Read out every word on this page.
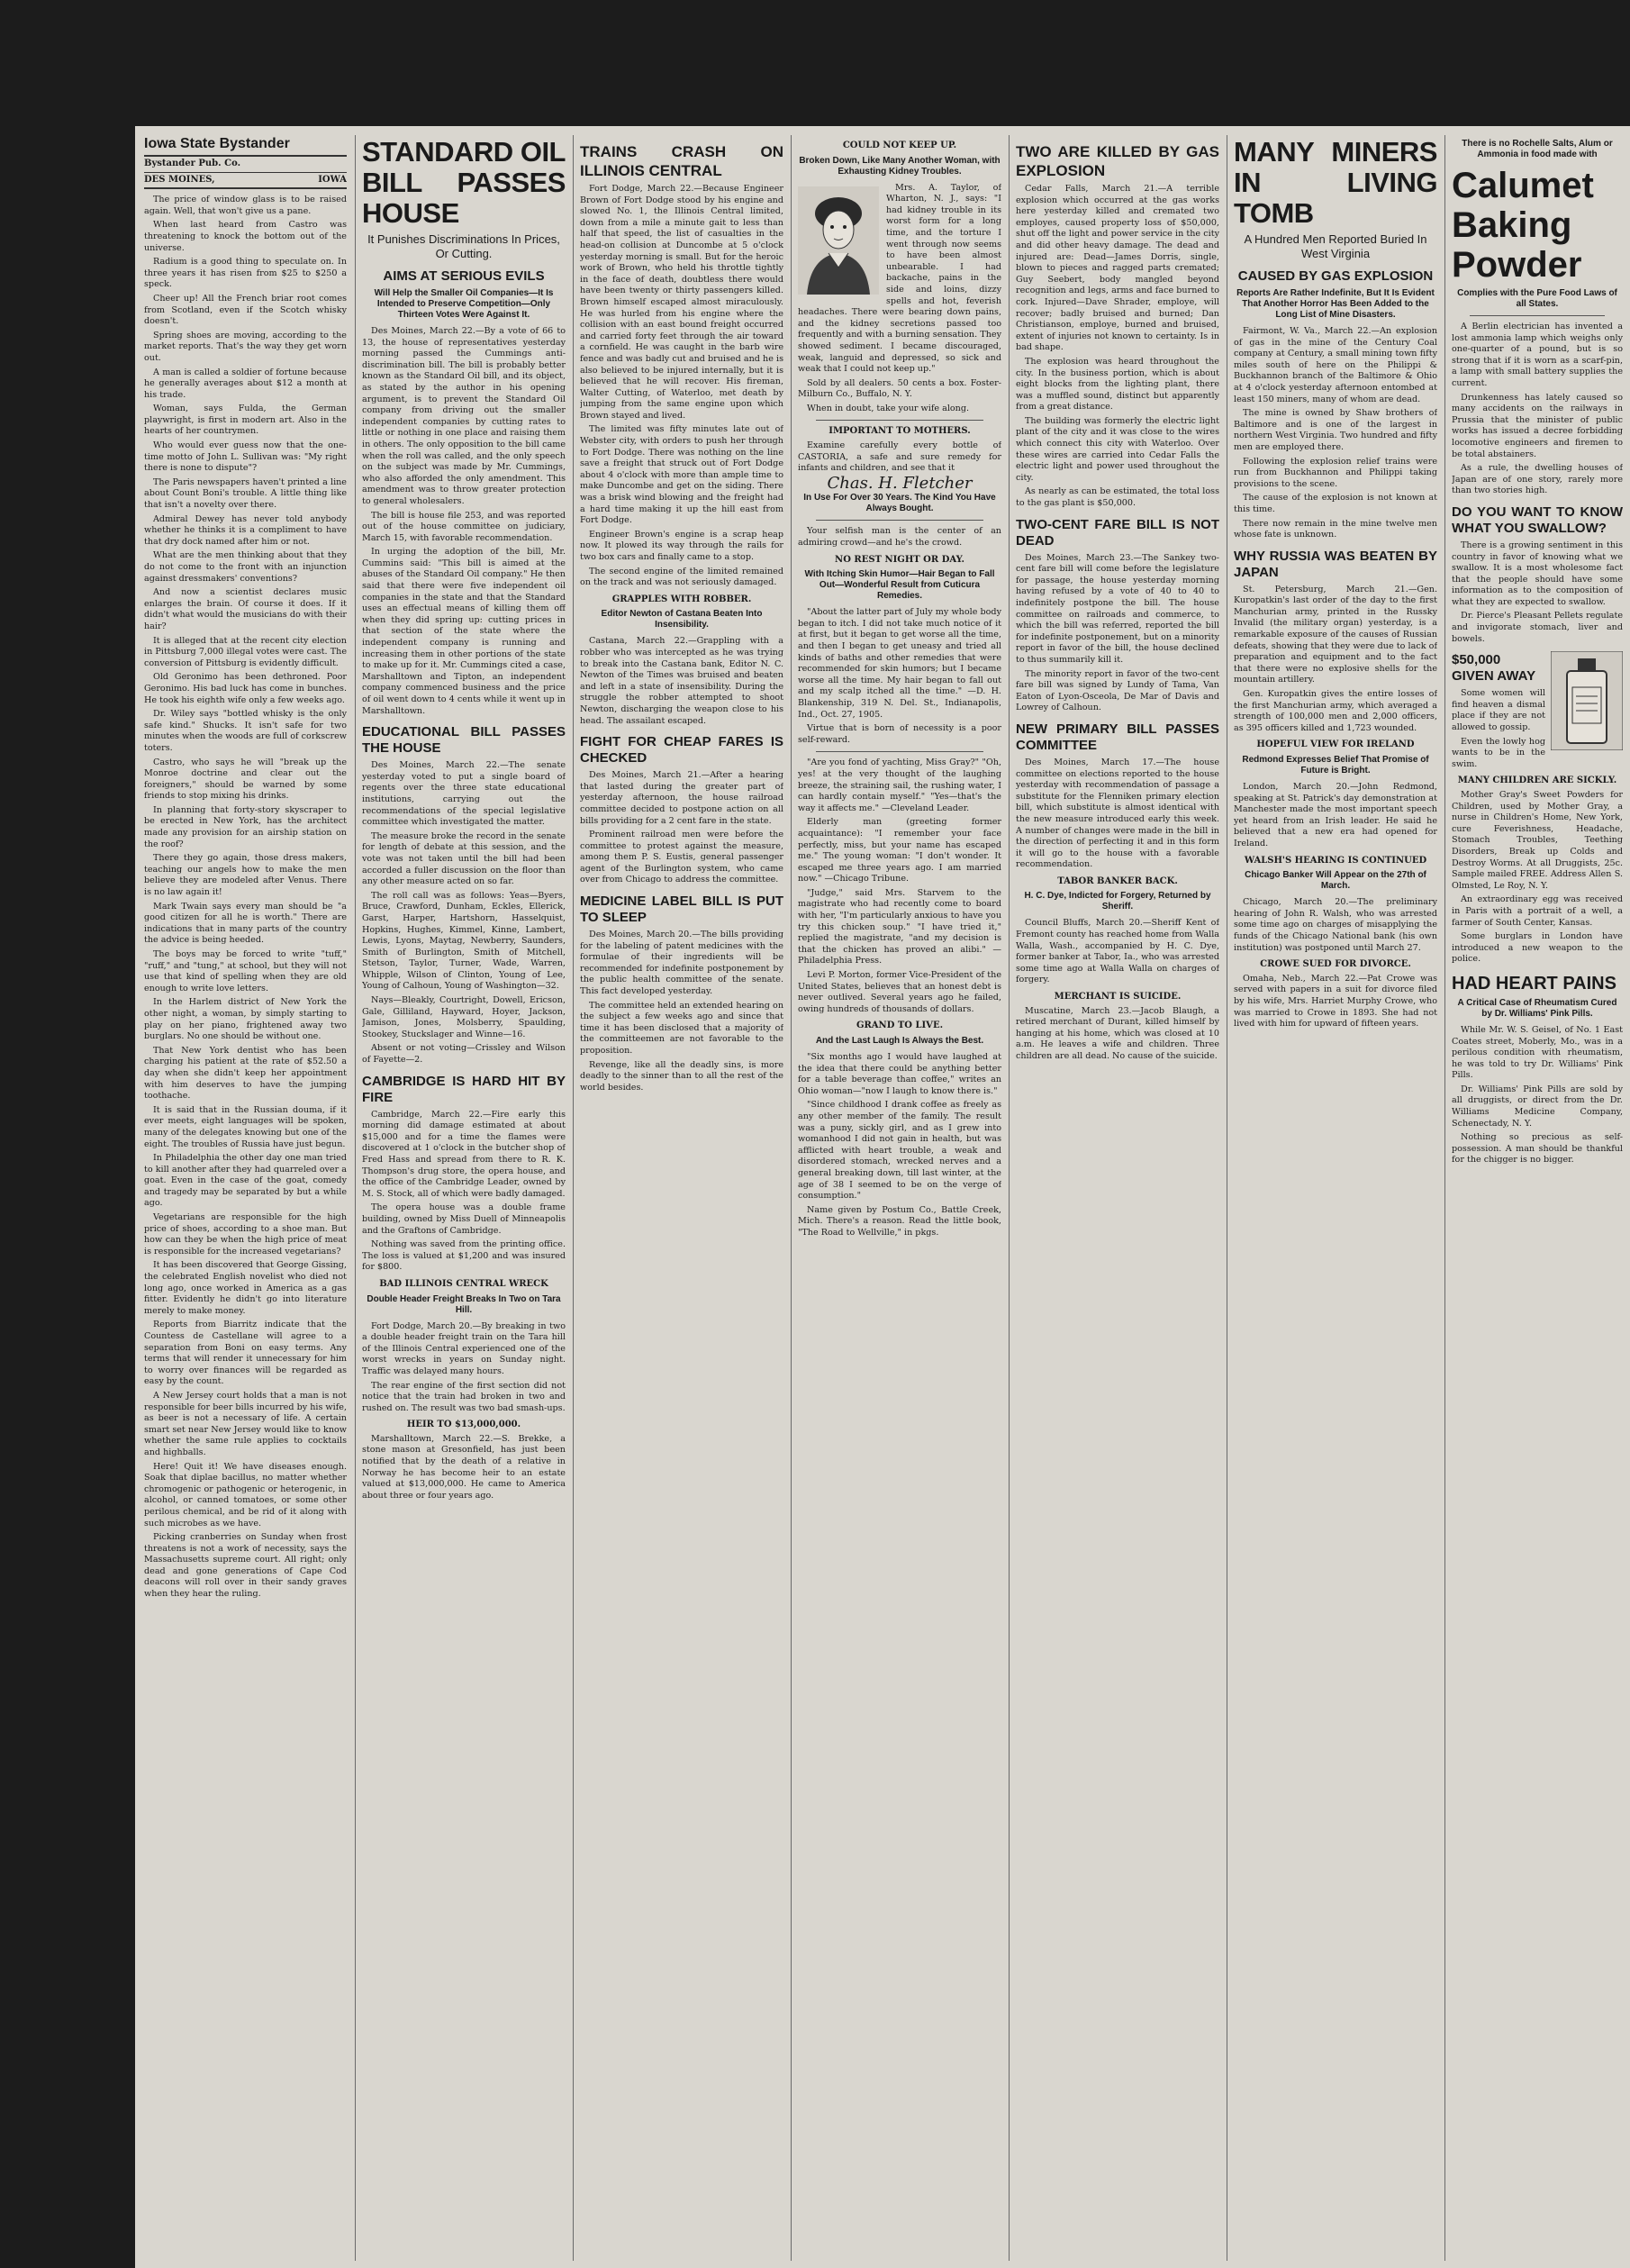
Iowa State Bystander
Bystander Pub. Co.
DES MOINES,	IOWA

The price of window glass is to be raised again. Well, that won't give us a pane.

When last heard from Castro was threatening to knock the bottom out of the universe.

Radium is a good thing to speculate on. In three years it has risen from $25 to $250 a speck.

Cheer up! All the French briar root comes from Scotland, even if the Scotch whisky doesn't.

Spring shoes are moving, according to the market reports. That's the way they get worn out.

A man is called a soldier of fortune because he generally averages about $12 a month at his trade.

Woman, says Fulda, the German playwright, is first in modern art. Also in the hearts of her countrymen.

Who would ever guess now that the one-time motto of John L. Sullivan was: "My right there is none to dispute"?

The Paris newspapers haven't printed a line about Count Boni's trouble. A little thing like that isn't a novelty over there.

Admiral Dewey has never told anybody whether he thinks it is a compliment to have that dry dock named after him or not.

What are the men thinking about that they do not come to the front with an injunction against dressmakers' conventions?

And now a scientist declares music enlarges the brain. Of course it does. If it didn't what would the musicians do with their hair?

It is alleged that at the recent city election in Pittsburg 7,000 illegal votes were cast. The conversion of Pittsburg is evidently difficult.

Old Geronimo has been dethroned. Poor Geronimo. His bad luck has come in bunches. He took his eighth wife only a few weeks ago.

Dr. Wiley says "bottled whisky is the only safe kind." Shucks. It isn't safe for two minutes when the woods are full of corkscrew toters.

Castro, who says he will "break up the Monroe doctrine and clear out the foreigners," should be warned by some friends to stop mixing his drinks.

In planning that forty-story skyscraper to be erected in New York, has the architect made any provision for an airship station on the roof?

There they go again, those dress makers, teaching our angels how to make the men believe they are modeled after Venus. There is no law again it!

Mark Twain says every man should be "a good citizen for all he is worth." There are indications that in many parts of the country the advice is being heeded.

The boys may be forced to write "tuff," "ruff," and "tung," at school, but they will not use that kind of spelling when they are old enough to write love letters.

In the Harlem district of New York the other night, a woman, by simply starting to play on her piano, frightened away two burglars. No one should be without one.

That New York dentist who has been charging his patient at the rate of $52.50 a day when she didn't keep her appointment with him deserves to have the jumping toothache.

It is said that in the Russian douma, if it ever meets, eight languages will be spoken, many of the delegates knowing but one of the eight. The troubles of Russia have just begun.

In Philadelphia the other day one man tried to kill another after they had quarreled over a goat. Even in the case of the goat, comedy and tragedy may be separated by but a while ago.

Vegetarians are responsible for the high price of shoes, according to a shoe man. But how can they be when the high price of meat is responsible for the increased vegetarians?

It has been discovered that George Gissing, the celebrated English novelist who died not long ago, once worked in America as a gas fitter. Evidently he didn't go into literature merely to make money.

Reports from Biarritz indicate that the Countess de Castellane will agree to a separation from Boni on easy terms. Any terms that will render it unnecessary for him to worry over finances will be regarded as easy by the count.

A New Jersey court holds that a man is not responsible for beer bills incurred by his wife, as beer is not a necessary of life. A certain smart set near New Jersey would like to know whether the same rule applies to cocktails and highballs.

Here! Quit it! We have diseases enough. Soak that diplae bacillus, no matter whether chromogenic or pathogenic or heterogenic, in alcohol, or canned tomatoes, or some other perilous chemical, and be rid of it along with such microbes as we have.

Picking cranberries on Sunday when frost threatens is not a work of necessity, says the Massachusetts supreme court. All right; only dead and gone generations of Cape Cod deacons will roll over in their sandy graves when they hear the ruling.

STANDARD OIL BILL PASSES HOUSE
It Punishes Discriminations In Prices, Or Cutting.
AIMS AT SERIOUS EVILS
Will Help the Smaller Oil Companies—It Is Intended to Preserve Competition—Only Thirteen Votes Were Against It.

Des Moines, March 22.—By a vote of 66 to 13, the house of representatives yesterday morning passed the Cummings anti-discrimination bill. The bill is probably better known as the Standard Oil bill, and its object, as stated by the author in his opening argument, is to prevent the Standard Oil company from driving out the smaller independent companies by cutting rates to little or nothing in one place and raising them in others. The only opposition to the bill came when the roll was called, and the only speech on the subject was made by Mr. Cummings, who also afforded the only amendment. This amendment was to throw greater protection to general wholesalers.

The bill is house file 253, and was reported out of the house committee on judiciary, March 15, with favorable recommendation.

In urging the adoption of the bill, Mr. Cummins said: "This bill is aimed at the abuses of the Standard Oil company." He then said that there were five independent oil companies in the state and that the Standard uses an effectual means of killing them off when they did spring up: cutting prices in that section of the state where the independent company is running and increasing them in other portions of the state to make up for it. Mr. Cummings cited a case, Marshalltown and Tipton, an independent company commenced business and the price of oil went down to 4 cents while it went up in Marshalltown.

EDUCATIONAL BILL PASSES THE HOUSE

Des Moines, March 22.—The senate yesterday voted to put a single board of regents over the three state educational institutions, carrying out the recommendations of the special legislative committee which investigated the matter.

The measure broke the record in the senate for length of debate at this session, and the vote was not taken until the bill had been accorded a fuller discussion on the floor than any other measure acted on so far.

The roll call was as follows: Yeas—Byers, Bruce, Crawford, Dunham, Eckles, Ellerick, Garst, Harper, Hartshorn, Hasselquist, Hopkins, Hughes, Kimmel, Kinne, Lambert, Lewis, Lyons, Maytag, Newberry, Saunders, Smith of Burlington, Smith of Mitchell, Stetson, Taylor, Turner, Wade, Warren, Whipple, Wilson of Clinton, Young of Lee, Young of Calhoun, Young of Washington—32.

Nays—Bleakly, Courtright, Dowell, Ericson, Gale, Gilliland, Hayward, Hoyer, Jackson, Jamison, Jones, Molsberry, Spaulding, Stookey, Stuckslager and Winne—16.

Absent or not voting—Crissley and Wilson of Fayette—2.

CAMBRIDGE IS HARD HIT BY FIRE

Cambridge, March 22.—Fire early this morning did damage estimated at about $15,000 and for a time the flames were discovered at 1 o'clock in the butcher shop of Fred Hass and spread from there to R. K. Thompson's drug store, the opera house, and the office of the Cambridge Leader, owned by M. S. Stock, all of which were badly damaged.

The opera house was a double frame building, owned by Miss Duell of Minneapolis and the Graftons of Cambridge.

Nothing was saved from the printing office. The loss is valued at $1,200 and was insured for $800.

BAD ILLINOIS CENTRAL WRECK
Double Header Freight Breaks In Two on Tara Hill.

Fort Dodge, March 20.—By breaking in two a double header freight train on the Tara hill of the Illinois Central experienced one of the worst wrecks in years on Sunday night. Traffic was delayed many hours.

The rear engine of the first section did not notice that the train had broken in two and rushed on. The result was two bad smash-ups.

HEIR TO $13,000,000.

Marshalltown, March 22.—S. Brekke, a stone mason at Gresonfield, has just been notified that by the death of a relative in Norway he has become heir to an estate valued at $13,000,000. He came to America about three or four years ago.

TRAINS CRASH ON ILLINOIS CENTRAL

Fort Dodge, March 22.—Because Engineer Brown of Fort Dodge stood by his engine and slowed No. 1, the Illinois Central limited, down from a mile a minute gait to less than half that speed, the list of casualties in the head-on collision at Duncombe at 5 o'clock yesterday morning is small. But for the heroic work of Brown, who held his throttle tightly in the face of death, doubtless there would have been twenty or thirty passengers killed. Brown himself escaped almost miraculously. He was hurled from his engine where the collision with an east bound freight occurred and carried forty feet through the air toward a cornfield. He was caught in the barb wire fence and was badly cut and bruised and he is also believed to be injured internally, but it is believed that he will recover. His fireman, Walter Cutting, of Waterloo, met death by jumping from the same engine upon which Brown stayed and lived.

The limited was fifty minutes late out of Webster city, with orders to push her through to Fort Dodge. There was nothing on the line save a freight that struck out of Fort Dodge about 4 o'clock with more than ample time to make Duncombe and get on the siding. There was a brisk wind blowing and the freight had a hard time making it up the hill east from Fort Dodge.

Engineer Brown's engine is a scrap heap now. It plowed its way through the rails for two box cars and finally came to a stop.

The second engine of the limited remained on the track and was not seriously damaged.

GRAPPLES WITH ROBBER.
Editor Newton of Castana Beaten Into Insensibility.

Castana, March 22.—Grappling with a robber who was intercepted as he was trying to break into the Castana bank, Editor N. C. Newton of the Times was bruised and beaten and left in a state of insensibility. During the struggle the robber attempted to shoot Newton, discharging the weapon close to his head. The assailant escaped.

FIGHT FOR CHEAP FARES IS CHECKED

Des Moines, March 21.—After a hearing that lasted during the greater part of yesterday afternoon, the house railroad committee decided to postpone action on all bills providing for a 2 cent fare in the state.

Prominent railroad men were before the committee to protest against the measure, among them P. S. Eustis, general passenger agent of the Burlington system, who came over from Chicago to address the committee.

MEDICINE LABEL BILL IS PUT TO SLEEP

Des Moines, March 20.—The bills providing for the labeling of patent medicines with the formulae of their ingredients will be recommended for indefinite postponement by the public health committee of the senate. This fact developed yesterday.

The committee held an extended hearing on the subject a few weeks ago and since that time it has been disclosed that a majority of the committeemen are not favorable to the proposition.

Revenge, like all the deadly sins, is more deadly to the sinner than to all the rest of the world besides.

COULD NOT KEEP UP.
Broken Down, Like Many Another Woman, with Exhausting Kidney Troubles.

Mrs. A. Taylor, of Wharton, N. J., says: "I had kidney trouble in its worst form for a long time, and the torture I went through now seems to have been almost unbearable. I had backache, pains in the side and loins, dizzy spells and hot, feverish headaches. There were bearing down pains, and the kidney secretions passed too frequently and with a burning sensation. They showed sediment. I became discouraged, weak, languid and depressed, so sick and weak that I could not keep up."

Sold by all dealers. 50 cents a box. Foster-Milburn Co., Buffalo, N. Y.

When in doubt, take your wife along.

IMPORTANT TO MOTHERS.

Examine carefully every bottle of CASTORIA, a safe and sure remedy for infants and children, and see that it

Chas. H. Fletcher
In Use For Over 30 Years. The Kind You Have Always Bought.

Your selfish man is the center of an admiring crowd—and he's the crowd.

NO REST NIGHT OR DAY.
With Itching Skin Humor—Hair Began to Fall Out—Wonderful Result from Cuticura Remedies.

"About the latter part of July my whole body began to itch. I did not take much notice of it at first, but it began to get worse all the time, and then I began to get uneasy and tried all kinds of baths and other remedies that were recommended for skin humors; but I became worse all the time. My hair began to fall out and my scalp itched all the time." —D. H. Blankenship, 319 N. Del. St., Indianapolis, Ind., Oct. 27, 1905.

Virtue that is born of necessity is a poor self-reward.

"Are you fond of yachting, Miss Gray?" "Oh, yes! at the very thought of the laughing breeze, the straining sail, the rushing water, I can hardly contain myself." "Yes—that's the way it affects me." —Cleveland Leader.

Elderly man (greeting former acquaintance): "I remember your face perfectly, miss, but your name has escaped me." The young woman: "I don't wonder. It escaped me three years ago. I am married now." —Chicago Tribune.

"Judge," said Mrs. Starvem to the magistrate who had recently come to board with her, "I'm particularly anxious to have you try this chicken soup." "I have tried it," replied the magistrate, "and my decision is that the chicken has proved an alibi." —Philadelphia Press.

Levi P. Morton, former Vice-President of the United States, believes that an honest debt is never outlived. Several years ago he failed, owing hundreds of thousands of dollars.

GRAND TO LIVE.
And the Last Laugh Is Always the Best.

"Six months ago I would have laughed at the idea that there could be anything better for a table beverage than coffee," writes an Ohio woman—"now I laugh to know there is."

"Since childhood I drank coffee as freely as any other member of the family. The result was a puny, sickly girl, and as I grew into womanhood I did not gain in health, but was afflicted with heart trouble, a weak and disordered stomach, wrecked nerves and a general breaking down, till last winter, at the age of 38 I seemed to be on the verge of consumption."

Name given by Postum Co., Battle Creek, Mich. There's a reason. Read the little book, "The Road to Wellville," in pkgs.

TWO ARE KILLED BY GAS EXPLOSION

Cedar Falls, March 21.—A terrible explosion which occurred at the gas works here yesterday killed and cremated two employes, caused property loss of $50,000, shut off the light and power service in the city and did other heavy damage. The dead and injured are: Dead—James Dorris, single, blown to pieces and ragged parts cremated; Guy Seebert, body mangled beyond recognition and legs, arms and face burned to cork. Injured—Dave Shrader, employe, will recover; badly bruised and burned; Dan Christianson, employe, burned and bruised, extent of injuries not known to certainty. Is in bad shape.

The explosion was heard throughout the city. In the business portion, which is about eight blocks from the lighting plant, there was a muffled sound, distinct but apparently from a great distance.

The building was formerly the electric light plant of the city and it was close to the wires which connect this city with Waterloo. Over these wires are carried into Cedar Falls the electric light and power used throughout the city.

As nearly as can be estimated, the total loss to the gas plant is $50,000.

TWO-CENT FARE BILL IS NOT DEAD

Des Moines, March 23.—The Sankey two-cent fare bill will come before the legislature for passage, the house yesterday morning having refused by a vote of 40 to 40 to indefinitely postpone the bill. The house committee on railroads and commerce, to which the bill was referred, reported the bill for indefinite postponement, but on a minority report in favor of the bill, the house declined to thus summarily kill it.

The minority report in favor of the two-cent fare bill was signed by Lundy of Tama, Van Eaton of Lyon-Osceola, De Mar of Davis and Lowrey of Calhoun.

NEW PRIMARY BILL PASSES COMMITTEE

Des Moines, March 17.—The house committee on elections reported to the house yesterday with recommendation of passage a substitute for the Flenniken primary election bill, which substitute is almost identical with the new measure introduced early this week. A number of changes were made in the bill in the direction of perfecting it and in this form it will go to the house with a favorable recommendation.

TABOR BANKER BACK.
H. C. Dye, Indicted for Forgery, Returned by Sheriff.

Council Bluffs, March 20.—Sheriff Kent of Fremont county has reached home from Walla Walla, Wash., accompanied by H. C. Dye, former banker at Tabor, Ia., who was arrested some time ago at Walla Walla on charges of forgery.

MERCHANT IS SUICIDE.

Muscatine, March 23.—Jacob Blaugh, a retired merchant of Durant, killed himself by hanging at his home, which was closed at 10 a.m. He leaves a wife and children. Three children are all dead. No cause of the suicide.

MANY MINERS IN LIVING TOMB
A Hundred Men Reported Buried In West Virginia
CAUSED BY GAS EXPLOSION
Reports Are Rather Indefinite, But It Is Evident That Another Horror Has Been Added to the Long List of Mine Disasters.

Fairmont, W. Va., March 22.—An explosion of gas in the mine of the Century Coal company at Century, a small mining town fifty miles south of here on the Philippi & Buckhannon branch of the Baltimore & Ohio at 4 o'clock yesterday afternoon entombed at least 150 miners, many of whom are dead.

The mine is owned by Shaw brothers of Baltimore and is one of the largest in northern West Virginia. Two hundred and fifty men are employed there.

Following the explosion relief trains were run from Buckhannon and Philippi taking provisions to the scene.

The cause of the explosion is not known at this time.

There now remain in the mine twelve men whose fate is unknown.

WHY RUSSIA WAS BEATEN BY JAPAN

St. Petersburg, March 21.—Gen. Kuropatkin's last order of the day to the first Manchurian army, printed in the Russky Invalid (the military organ) yesterday, is a remarkable exposure of the causes of Russian defeats, showing that they were due to lack of preparation and equipment and to the fact that there were no explosive shells for the mountain artillery.

Gen. Kuropatkin gives the entire losses of the first Manchurian army, which averaged a strength of 100,000 men and 2,000 officers, as 395 officers killed and 1,723 wounded.

HOPEFUL VIEW FOR IRELAND
Redmond Expresses Belief That Promise of Future is Bright.

London, March 20.—John Redmond, speaking at St. Patrick's day demonstration at Manchester made the most important speech yet heard from an Irish leader. He said he believed that a new era had opened for Ireland.

WALSH'S HEARING IS CONTINUED
Chicago Banker Will Appear on the 27th of March.

Chicago, March 20.—The preliminary hearing of John R. Walsh, who was arrested some time ago on charges of misapplying the funds of the Chicago National bank (his own institution) was postponed until March 27.

CROWE SUED FOR DIVORCE.

Omaha, Neb., March 22.—Pat Crowe was served with papers in a suit for divorce filed by his wife, Mrs. Harriet Murphy Crowe, who was married to Crowe in 1893. She had not lived with him for upward of fifteen years.

There is no Rochelle Salts, Alum or Ammonia in food made with
Calumet Baking Powder
Complies with the Pure Food Laws of all States.

A Berlin electrician has invented a lost ammonia lamp which weighs only one-quarter of a pound, but is so strong that if it is worn as a scarf-pin, a lamp with small battery supplies the current.

Drunkenness has lately caused so many accidents on the railways in Prussia that the minister of public works has issued a decree forbidding locomotive engineers and firemen to be total abstainers.

As a rule, the dwelling houses of Japan are of one story, rarely more than two stories high.

DO YOU WANT TO KNOW WHAT YOU SWALLOW?

There is a growing sentiment in this country in favor of knowing what we swallow. It is a most wholesome fact that the people should have some information as to the composition of what they are expected to swallow.

Dr. Pierce's Pleasant Pellets regulate and invigorate stomach, liver and bowels.

$50,000 GIVEN AWAY

Some women will find heaven a dismal place if they are not allowed to gossip.

Even the lowly hog wants to be in the swim.

MANY CHILDREN ARE SICKLY.

Mother Gray's Sweet Powders for Children, used by Mother Gray, a nurse in Children's Home, New York, cure Feverishness, Headache, Stomach Troubles, Teething Disorders, Break up Colds and Destroy Worms. At all Druggists, 25c. Sample mailed FREE. Address Allen S. Olmsted, Le Roy, N. Y.

An extraordinary egg was received in Paris with a portrait of a well, a farmer of South Center, Kansas.

Some burglars in London have introduced a new weapon to the police.

HAD HEART PAINS
A Critical Case of Rheumatism Cured by Dr. Williams' Pink Pills.

While Mr. W. S. Geisel, of No. 1 East Coates street, Moberly, Mo., was in a perilous condition with rheumatism, he was told to try Dr. Williams' Pink Pills.

Dr. Williams' Pink Pills are sold by all druggists, or direct from the Dr. Williams Medicine Company, Schenectady, N. Y.

Nothing so precious as self-possession. A man should be thankful for the chigger is no bigger.
